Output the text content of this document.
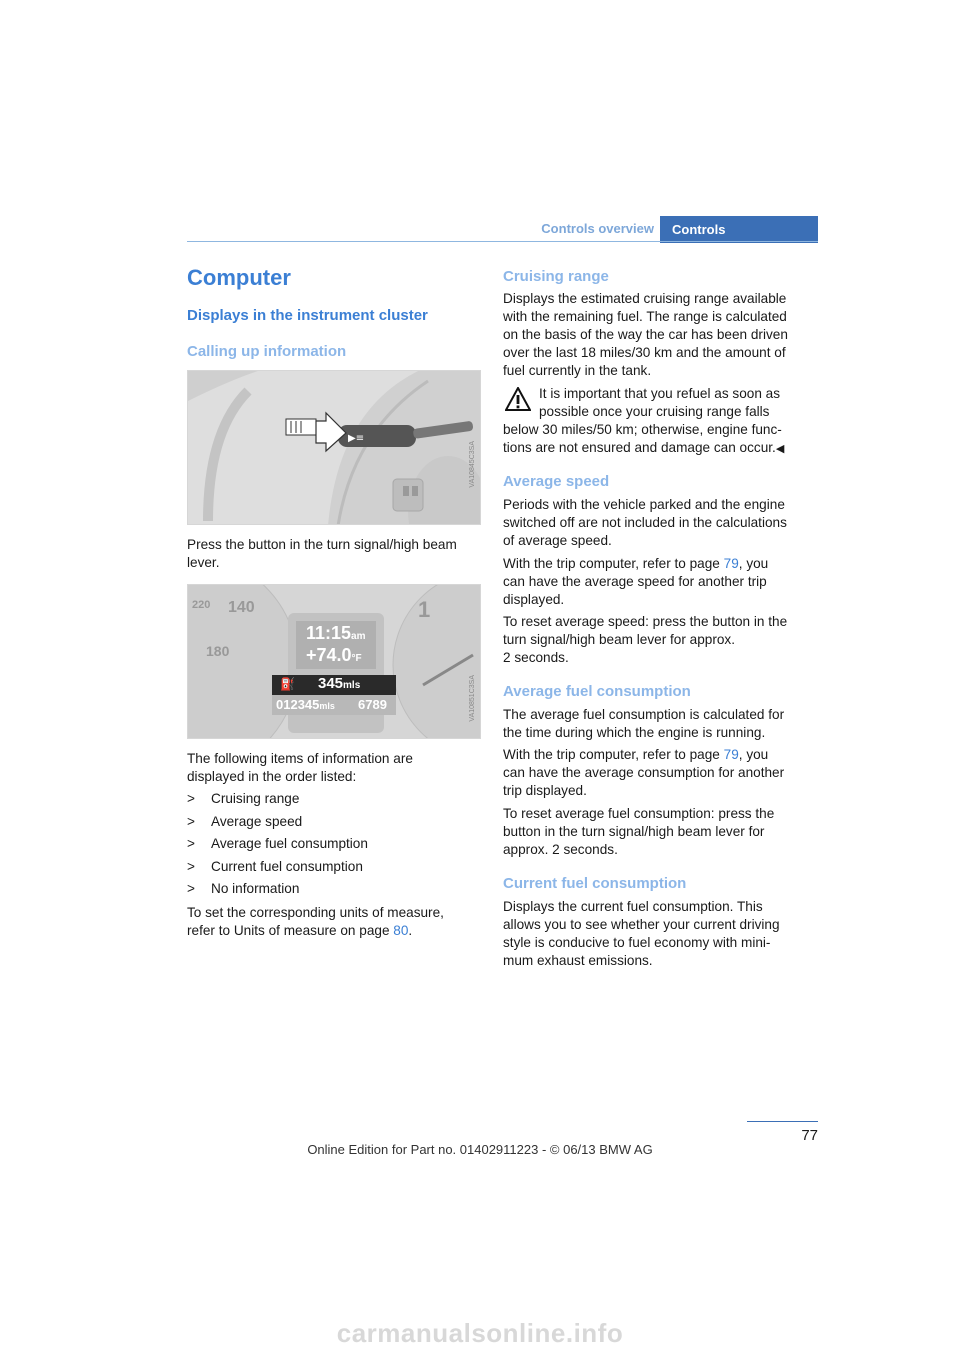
Controls overview	Controls
Computer
Displays in the instrument cluster
Calling up information
▶≡
VA10845C3SA
Press the button in the turn signal/high beam
lever.
220 140
180
1
11:15am
+74.0°F
⛽ 345mls
012345mls 6789	VA10851C3SA
The following items of information are
displayed in the order listed:
> Cruising range
> Average speed
> Average fuel consumption
> Current fuel consumption
> No information
To set the corresponding units of measure,
refer to Units of measure on page 80.
Cruising range
Displays the estimated cruising range available
with the remaining fuel. The range is calculated
on the basis of the way the car has been driven
over the last 18 miles/30 km and the amount of
fuel currently in the tank.
It is important that you refuel as soon as
possible once your cruising range falls
below 30 miles/50 km; otherwise, engine func-
tions are not ensured and damage can occur.◀
Average speed
Periods with the vehicle parked and the engine
switched off are not included in the calculations
of average speed.
With the trip computer, refer to page 79, you
can have the average speed for another trip
displayed.
To reset average speed: press the button in the
turn signal/high beam lever for approx.
2 seconds.
Average fuel consumption
The average fuel consumption is calculated for
the time during which the engine is running.
With the trip computer, refer to page 79, you
can have the average consumption for another
trip displayed.
To reset average fuel consumption: press the
button in the turn signal/high beam lever for
approx. 2 seconds.
Current fuel consumption
Displays the current fuel consumption. This
allows you to see whether your current driving
style is conducive to fuel economy with mini-
mum exhaust emissions.
77
Online Edition for Part no. 01402911223 - © 06/13 BMW AG
carmanualsonline.info
